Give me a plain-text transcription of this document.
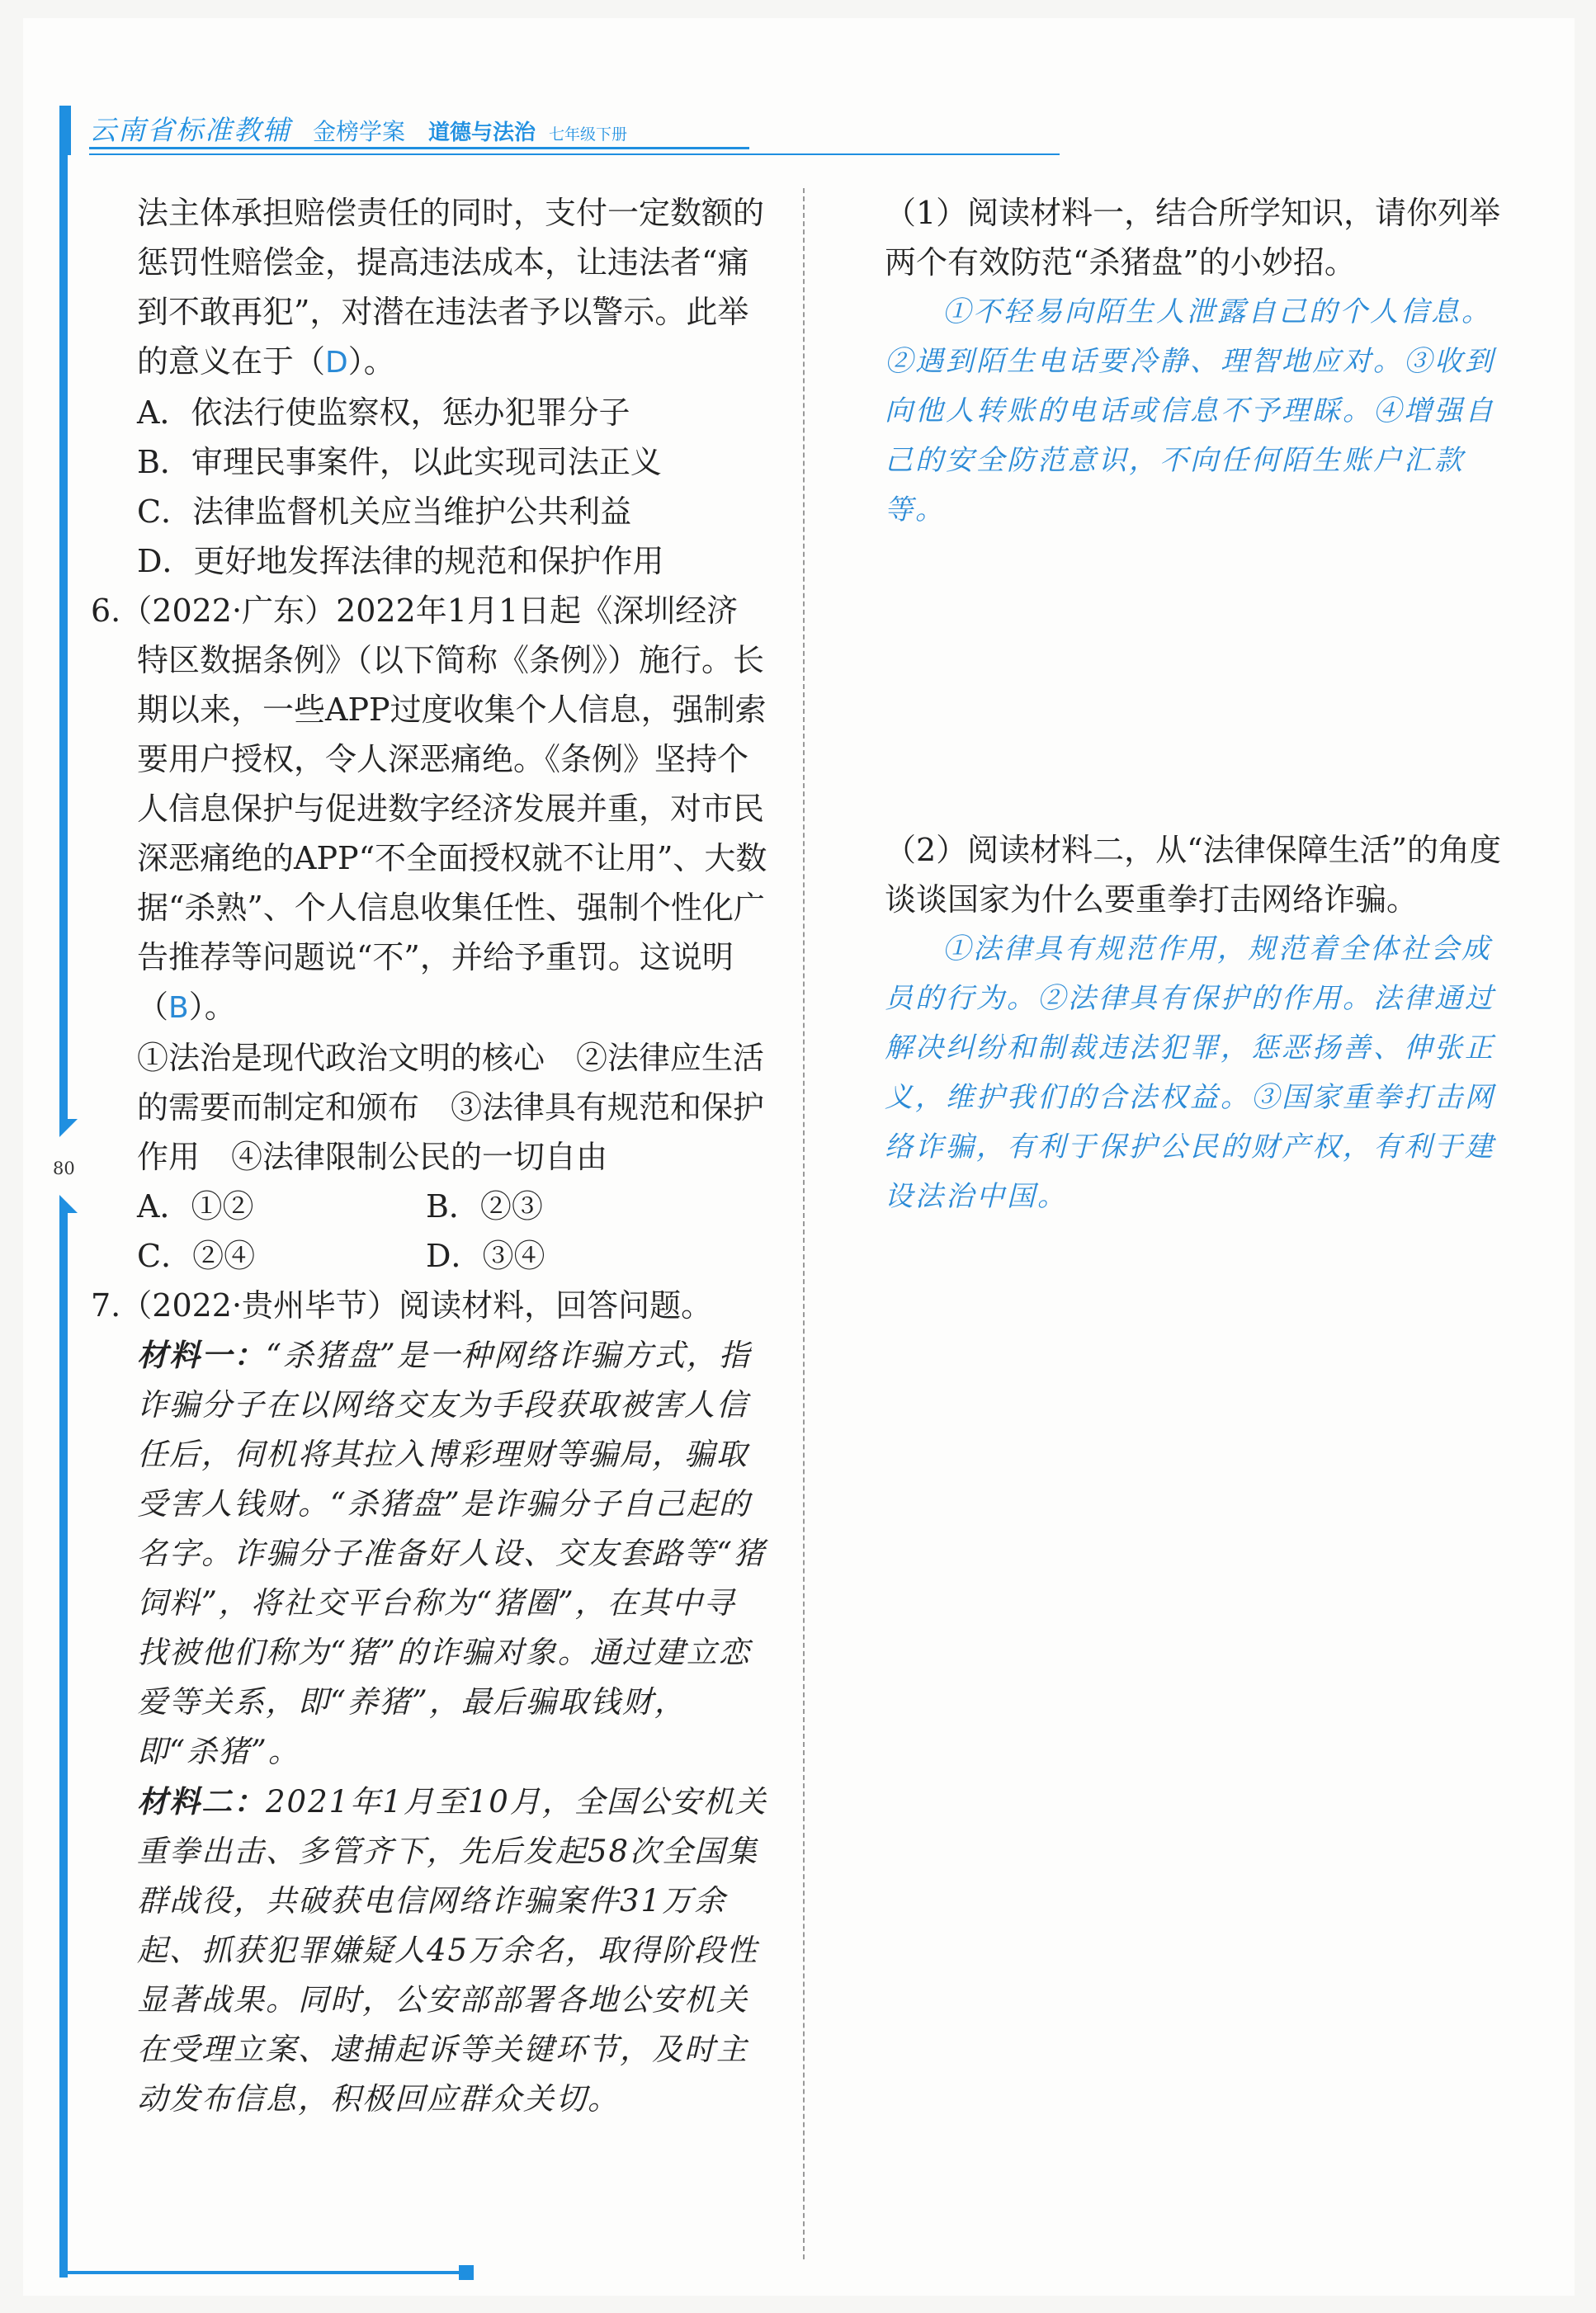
云南省标准教辅 金榜学案 道德与法治 七年级下册
80

法主体承担赔偿责任的同时，支付一定数额的惩罚性赔偿金，提高违法成本，让违法者“痛到不敢再犯”，对潜在违法者予以警示。此举的意义在于（D）。

A．依法行使监察权，惩办犯罪分子

B．审理民事案件，以此实现司法正义

C．法律监督机关应当维护公共利益

D．更好地发挥法律的规范和保护作用

6.（2022·广东）2022年1月1日起《深圳经济特区数据条例》（以下简称《条例》）施行。长期以来，一些APP过度收集个人信息，强制索要用户授权，令人深恶痛绝。《条例》坚持个人信息保护与促进数字经济发展并重，对市民深恶痛绝的APP“不全面授权就不让用”、大数据“杀熟”、个人信息收集任性、强制个性化广告推荐等问题说“不”，并给予重罚。这说明（B）。

①法治是现代政治文明的核心　②法律应生活的需要而制定和颁布　③法律具有规范和保护作用　④法律限制公民的一切自由

A．①②	B．②③
C．②④	D．③④

7.（2022·贵州毕节）阅读材料，回答问题。

材料一：“杀猪盘”是一种网络诈骗方式，指诈骗分子在以网络交友为手段获取被害人信任后，伺机将其拉入博彩理财等骗局，骗取受害人钱财。“杀猪盘”是诈骗分子自己起的名字。诈骗分子准备好人设、交友套路等“猪饲料”，将社交平台称为“猪圈”，在其中寻找被他们称为“猪”的诈骗对象。通过建立恋爱等关系，即“养猪”，最后骗取钱财，即“杀猪”。

材料二：2021年1月至10月，全国公安机关重拳出击、多管齐下，先后发起58次全国集群战役，共破获电信网络诈骗案件31万余起、抓获犯罪嫌疑人45万余名，取得阶段性显著战果。同时，公安部部署各地公安机关在受理立案、逮捕起诉等关键环节，及时主动发布信息，积极回应群众关切。

（1）阅读材料一，结合所学知识，请你列举两个有效防范“杀猪盘”的小妙招。

①不轻易向陌生人泄露自己的个人信息。②遇到陌生电话要冷静、理智地应对。③收到向他人转账的电话或信息不予理睬。④增强自己的安全防范意识，不向任何陌生账户汇款等。

（2）阅读材料二，从“法律保障生活”的角度谈谈国家为什么要重拳打击网络诈骗。

①法律具有规范作用，规范着全体社会成员的行为。②法律具有保护的作用。法律通过解决纠纷和制裁违法犯罪，惩恶扬善、伸张正义，维护我们的合法权益。③国家重拳打击网络诈骗，有利于保护公民的财产权，有利于建设法治中国。
